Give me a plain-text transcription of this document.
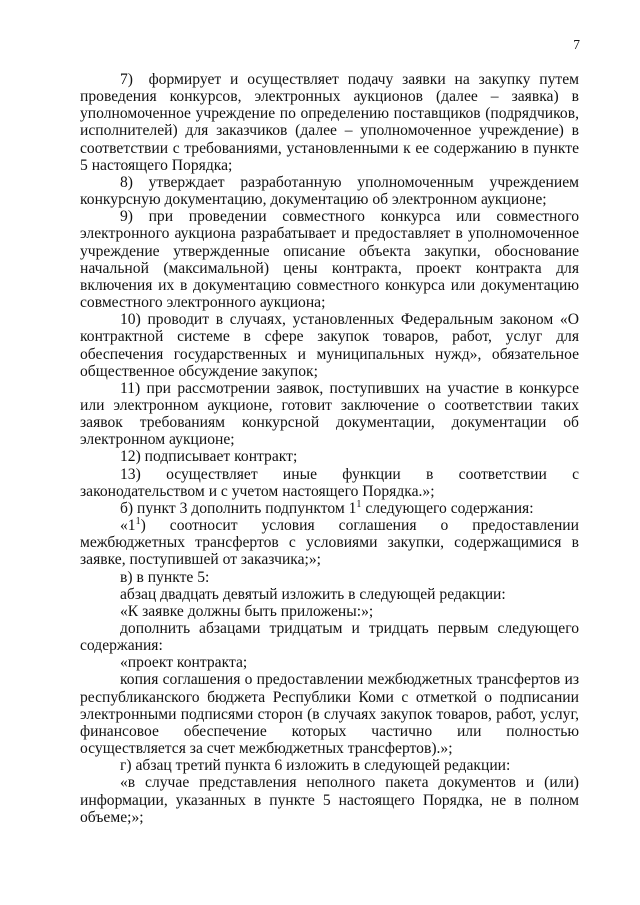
7

7) формирует и осуществляет подачу заявки на закупку путем проведения конкурсов, электронных аукционов (далее – заявка) в уполномоченное учреждение по определению поставщиков (подрядчиков, исполнителей) для заказчиков (далее – уполномоченное учреждение) в соответствии с требованиями, установленными к ее содержанию в пункте 5 настоящего Порядка;

8) утверждает разработанную уполномоченным учреждением конкурсную документацию, документацию об электронном аукционе;

9) при проведении совместного конкурса или совместного электронного аукциона разрабатывает и предоставляет в уполномоченное учреждение утвержденные описание объекта закупки, обоснование начальной (максимальной) цены контракта, проект контракта для включения их в документацию совместного конкурса или документацию совместного электронного аукциона;

10) проводит в случаях, установленных Федеральным законом «О контрактной системе в сфере закупок товаров, работ, услуг для обеспечения государственных и муниципальных нужд», обязательное общественное обсуждение закупок;

11) при рассмотрении заявок, поступивших на участие в конкурсе или электронном аукционе, готовит заключение о соответствии таких заявок требованиям конкурсной документации, документации об электронном аукционе;

12) подписывает контракт;

13) осуществляет иные функции в соответствии с законодательством и с учетом настоящего Порядка.»;

б) пункт 3 дополнить подпунктом $1^1$ следующего содержания:

«$1^1$) соотносит условия соглашения о предоставлении межбюджетных трансфертов с условиями закупки, содержащимися в заявке, поступившей от заказчика;»;

в) в пункте 5:

абзац двадцать девятый изложить в следующей редакции:

«К заявке должны быть приложены:»;

дополнить абзацами тридцатым и тридцать первым следующего содержания:

«проект контракта;

копия соглашения о предоставлении межбюджетных трансфертов из республиканского бюджета Республики Коми с отметкой о подписании электронными подписями сторон (в случаях закупок товаров, работ, услуг, финансовое обеспечение которых частично или полностью осуществляется за счет межбюджетных трансфертов).»;

г) абзац третий пункта 6 изложить в следующей редакции:

«в случае представления неполного пакета документов и (или) информации, указанных в пункте 5 настоящего Порядка, не в полном объеме;»;
